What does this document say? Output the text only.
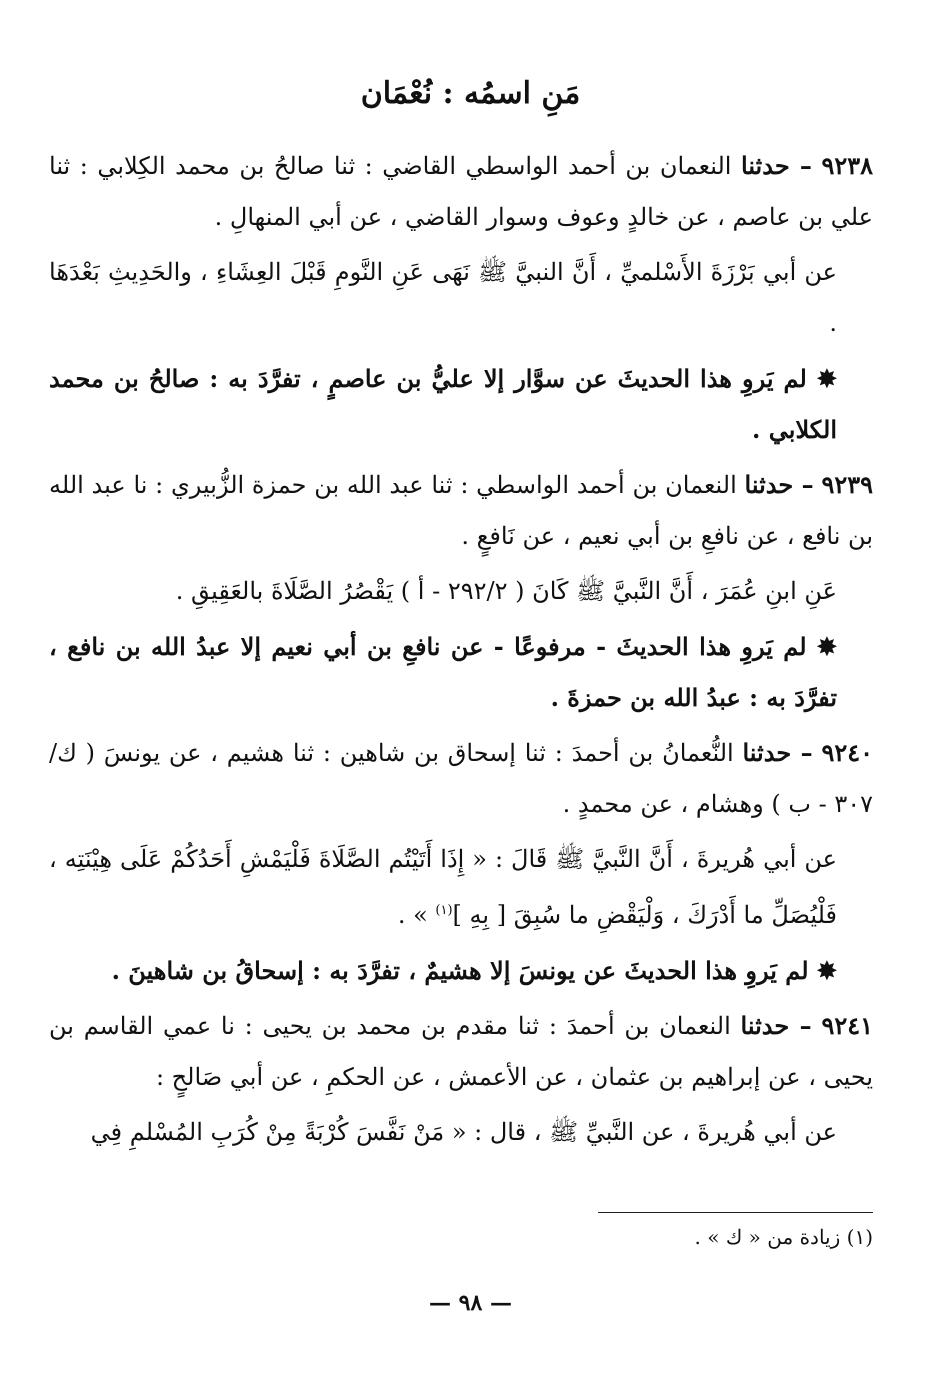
مَنِ اسمُه : نُعْمَان

٩٢٣٨ – حدثنا النعمان بن أحمد الواسطي القاضي : ثنا صالحُ بن محمد الكِلابي : ثنا علي بن عاصم ، عن خالدٍ وعوف وسوار القاضي ، عن أبي المنهالِ .

عن أبي بَرْزَةَ الأَسْلميِّ ، أَنَّ النبيَّ ﷺ نَهَى عَنِ النَّومِ قَبْلَ العِشَاءِ ، والحَدِيثِ بَعْدَهَا .

✸ لم يَروِ هذا الحديثَ عن سوَّار إلا عليُّ بن عاصمٍ ، تفرَّدَ به : صالحُ بن محمد الكلابي .

٩٢٣٩ – حدثنا النعمان بن أحمد الواسطي : ثنا عبد الله بن حمزة الزُّبيري : نا عبد الله بن نافع ، عن نافعِ بن أبي نعيم ، عن نَافعٍ .

عَنِ ابنِ عُمَرَ ، أَنَّ النَّبيَّ ﷺ كَانَ ( ٢٩٢/٢ - أ ) يَقْصُرُ الصَّلَاةَ بالعَقِيقِ .

✸ لم يَروِ هذا الحديثَ - مرفوعًا - عن نافعِ بن أبي نعيم إلا عبدُ الله بن نافع ، تفرَّدَ به : عبدُ الله بن حمزةَ .

٩٢٤٠ – حدثنا النُّعمانُ بن أحمدَ : ثنا إسحاق بن شاهين : ثنا هشيم ، عن يونسَ ( ك/٣٠٧ - ب ) وهشام ، عن محمدٍ .

عن أبي هُريرةَ ، أَنَّ النَّبيَّ ﷺ قَالَ : « إِذَا أَتَيْتُم الصَّلَاةَ فَلْيَمْشِ أَحَدُكُمْ عَلَى هِيْنَتِه ، فَلْيُصَلِّ ما أَدْرَكَ ، وَلْيَقْضِ ما سُبِقَ [ بِهِ ]$^{(١)}$ » .

✸ لم يَروِ هذا الحديثَ عن يونسَ إلا هشيمٌ ، تفرَّدَ به : إسحاقُ بن شاهينَ .

٩٢٤١ – حدثنا النعمان بن أحمدَ : ثنا مقدم بن محمد بن يحيى : نا عمي القاسم بن يحيى ، عن إبراهيم بن عثمان ، عن الأعمش ، عن الحكمِ ، عن أبي صَالحٍ :

عن أبي هُريرةَ ، عن النَّبيِّ ﷺ ، قال : « مَنْ نَفَّسَ كُرْبَةً مِنْ كُرَبِ المُسْلمِ فِي

(١) زيادة من « ك » .
— ٩٨ —
